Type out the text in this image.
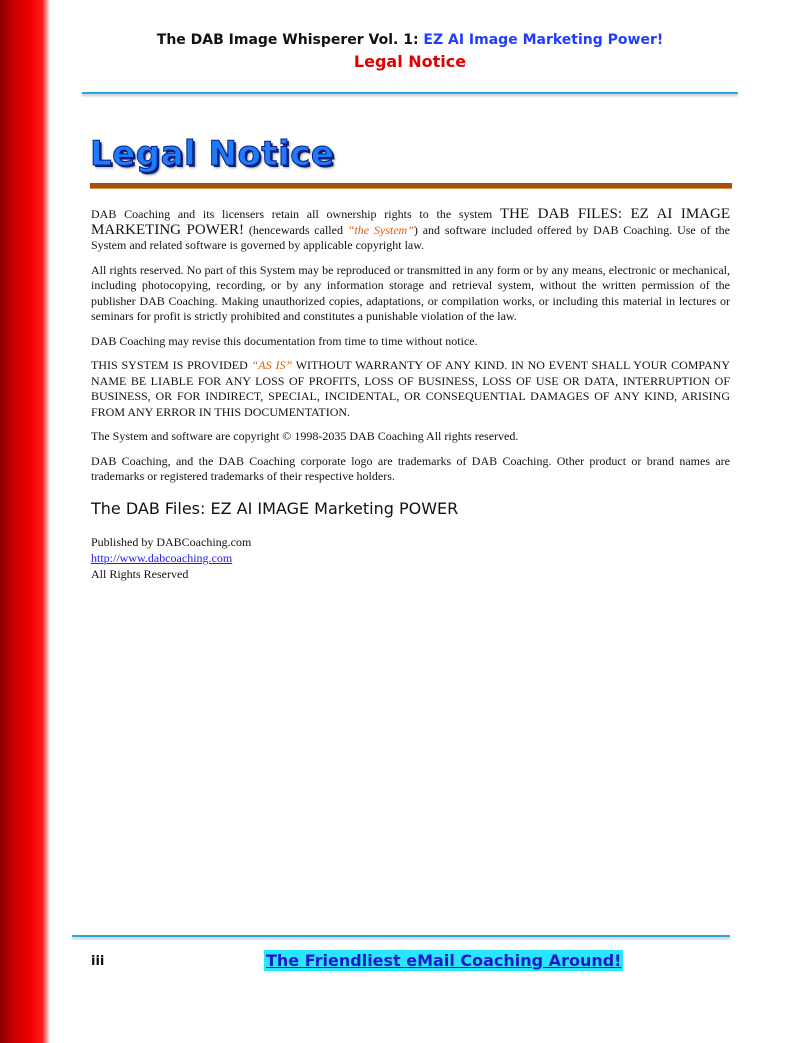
The DAB Image Whisperer Vol. 1: EZ AI Image Marketing Power!
Legal Notice
Legal Notice

DAB Coaching and its licensers retain all ownership rights to the system THE DAB FILES: EZ AI IMAGE MARKETING POWER! (hencewards called “the System”) and software included offered by DAB Coaching. Use of the System and related software is governed by applicable copyright law.

All rights reserved. No part of this System may be reproduced or transmitted in any form or by any means, electronic or mechanical, including photocopying, recording, or by any information storage and retrieval system, without the written permission of the publisher DAB Coaching. Making unauthorized copies, adaptations, or compilation works, or including this material in lectures or seminars for profit is strictly prohibited and constitutes a punishable violation of the law.

DAB Coaching may revise this documentation from time to time without notice.

THIS SYSTEM IS PROVIDED “AS IS” WITHOUT WARRANTY OF ANY KIND. IN NO EVENT SHALL YOUR COMPANY NAME BE LIABLE FOR ANY LOSS OF PROFITS, LOSS OF BUSINESS, LOSS OF USE OR DATA, INTERRUPTION OF BUSINESS, OR FOR INDIRECT, SPECIAL, INCIDENTAL, OR CONSEQUENTIAL DAMAGES OF ANY KIND, ARISING FROM ANY ERROR IN THIS DOCUMENTATION.

The System and software are copyright © 1998-2035 DAB Coaching All rights reserved.

DAB Coaching, and the DAB Coaching corporate logo are trademarks of DAB Coaching. Other product or brand names are trademarks or registered trademarks of their respective holders.

The DAB Files: EZ AI IMAGE Marketing POWER

Published by DABCoaching.com
http://www.dabcoaching.com
All Rights Reserved
iii	The Friendliest eMail Coaching Around!
